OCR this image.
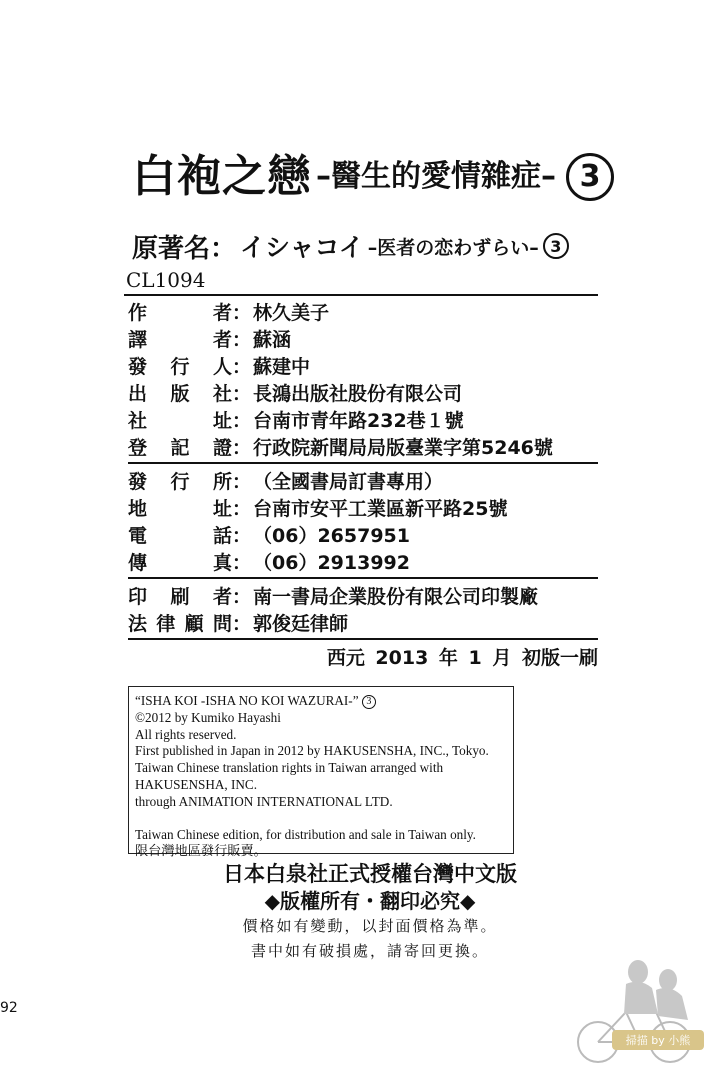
白袍之戀 –醫生的愛情雜症– 3
原著名： イシャコイ –医者の恋わずらい– 3
CL1094
作	者 ： 林久美子
譯	者 ： 蘇涵
發 行 人 ： 蘇建中
出 版 社 ： 長鴻出版社股份有限公司
社	址 ： 台南市青年路232巷１號
登 記 證 ： 行政院新聞局局版臺業字第5246號
發 行 所 ： （全國書局訂書專用）
地	址 ： 台南市安平工業區新平路25號
電	話 ： （06）2657951
傳	真 ： （06）2913992
印 刷 者 ： 南一書局企業股份有限公司印製廠
法 律 顧 問 ： 郭俊廷律師
西元 2013 年 1 月 初版一刷
“ISHA KOI -ISHA NO KOI WAZURAI-” 3
©2012 by Kumiko Hayashi
All rights reserved.
First published in Japan in 2012 by HAKUSENSHA, INC., Tokyo.
Taiwan Chinese translation rights in Taiwan arranged with HAKUSENSHA, INC.
through ANIMATION INTERNATIONAL LTD.
Taiwan Chinese edition, for distribution and sale in Taiwan only.
限台灣地區發行販賣。
日本白泉社正式授權台灣中文版
◆版權所有・翻印必究◆
價格如有變動，以封面價格為準。
書中如有破損處，請寄回更換。
92
掃描 by 小熊
